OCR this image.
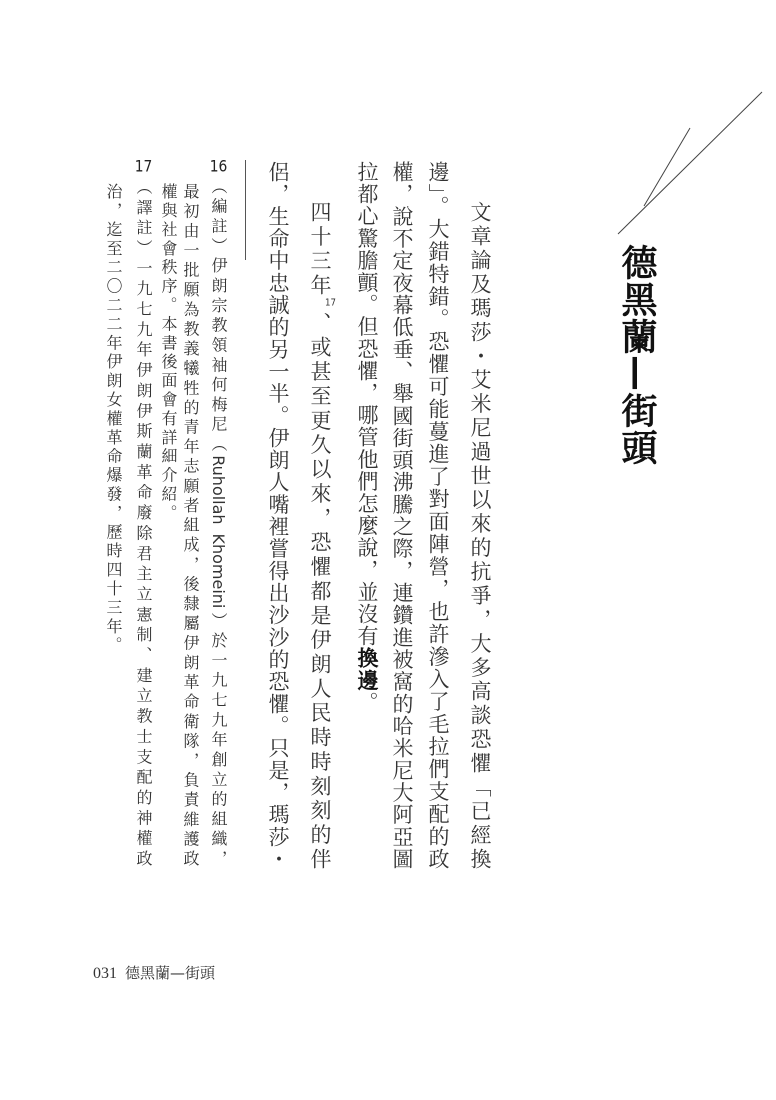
德黑蘭—街頭
文章論及瑪莎・艾米尼過世以來的抗爭，大多高談恐懼「已經換
邊」。大錯特錯。恐懼可能蔓進了對面陣營，也許滲入了毛拉們支配的政
權，說不定夜幕低垂、舉國街頭沸騰之際，連鑽進被窩的哈米尼大阿亞圖
拉都心驚膽顫。但恐懼，哪管他們怎麼說，並沒有換邊。
四十三年17、或甚至更久以來，恐懼都是伊朗人民時時刻刻的伴
侶，生命中忠誠的另一半。伊朗人嘴裡嘗得出沙沙的恐懼。只是，瑪莎・
16（編註）伊朗宗教領袖何梅尼（Ruhollah Khomeini）於一九七九年創立的組織，
最初由一批願為教義犧牲的青年志願者組成，後隸屬伊朗革命衛隊，負責維護政
權與社會秩序。本書後面會有詳細介紹。
17（譯註）一九七九年伊朗伊斯蘭革命廢除君主立憲制、建立教士支配的神權政
治，迄至二〇二二年伊朗女權革命爆發，歷時四十三年。
031 德黑蘭—街頭
